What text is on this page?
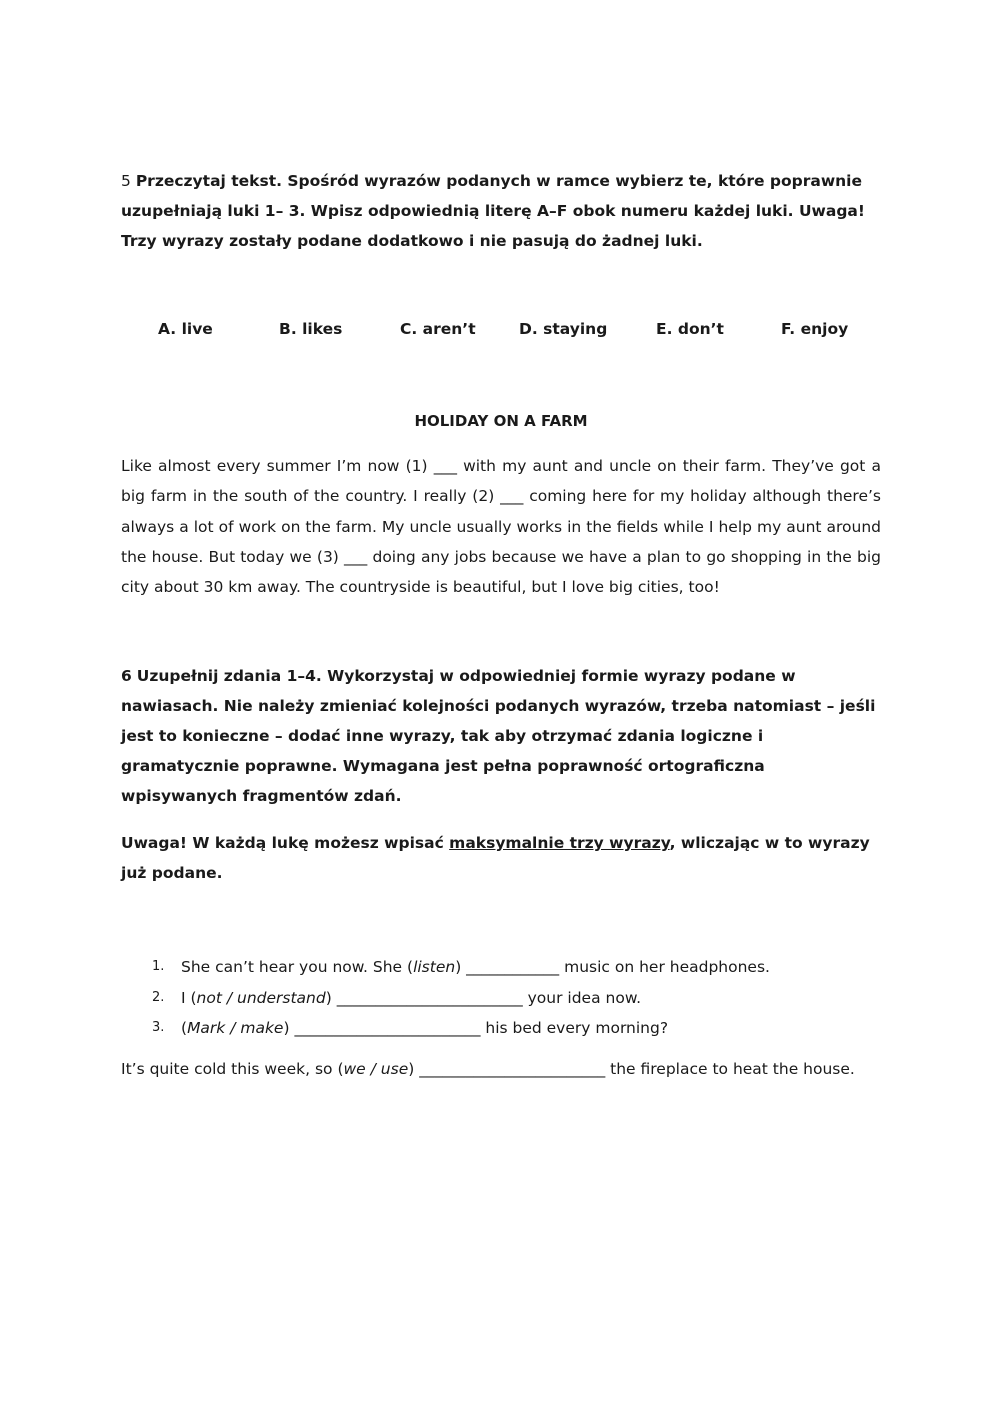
5 Przeczytaj tekst. Spośród wyrazów podanych w ramce wybierz te, które poprawnie uzupełniają luki 1– 3. Wpisz odpowiednią literę A–F obok numeru każdej luki. Uwaga! Trzy wyrazy zostały podane dodatkowo i nie pasują do żadnej luki.

A. live	B. likes	C. aren’t	D. staying	E. don’t	F. enjoy
HOLIDAY ON A FARM

Like almost every summer I’m now (1) ___ with my aunt and uncle on their farm. They’ve got a big farm in the south of the country. I really (2) ___ coming here for my holiday although there’s always a lot of work on the farm. My uncle usually works in the fields while I help my aunt around the house. But today we (3) ___ doing any jobs because we have a plan to go shopping in the big city about 30 km away. The countryside is beautiful, but I love big cities, too!

6 Uzupełnij zdania 1–4. Wykorzystaj w odpowiedniej formie wyrazy podane w nawiasach. Nie należy zmieniać kolejności podanych wyrazów, trzeba natomiast – jeśli jest to konieczne – dodać inne wyrazy, tak aby otrzymać zdania logiczne i gramatycznie poprawne. Wymagana jest pełna poprawność ortograficzna wpisywanych fragmentów zdań.

Uwaga! W każdą lukę możesz wpisać maksymalnie trzy wyrazy, wliczając w to wyrazy już podane.

1. She can’t hear you now. She (listen) ____________ music on her headphones.
2. I (not / understand) ________________________ your idea now.
3. (Mark / make) ________________________ his bed every morning?
It’s quite cold this week, so (we / use) ________________________ the fireplace to heat the house.
